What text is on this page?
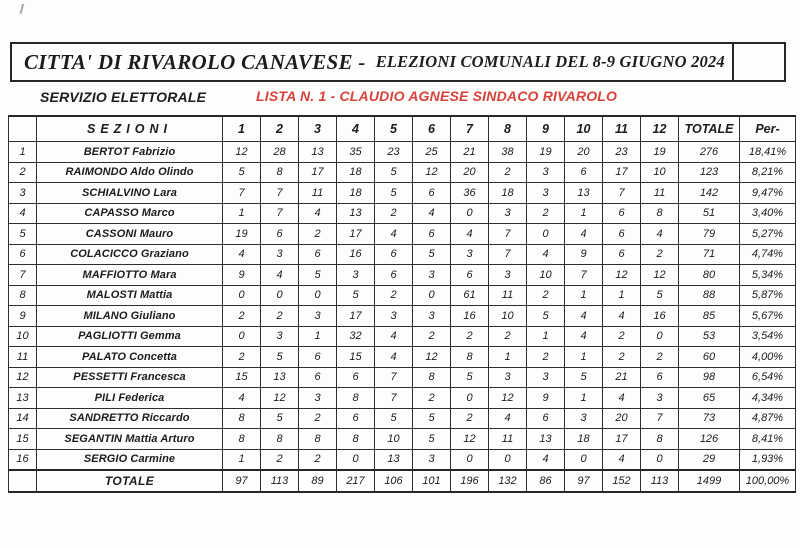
CITTA' DI RIVAROLO CANAVESE - ELEZIONI COMUNALI DEL 8-9 GIUGNO 2024
SERVIZIO ELETTORALE	LISTA N. 1 - CLAUDIO AGNESE SINDACO RIVAROLO
	SEZIONI	1	2	3	4	5	6	7	8	9	10	11	12	TOTALE	Per-
1	BERTOT Fabrizio	12	28	13	35	23	25	21	38	19	20	23	19	276	18,41%
2	RAIMONDO Aldo Olindo	5	8	17	18	5	12	20	2	3	6	17	10	123	8,21%
3	SCHIALVINO Lara	7	7	11	18	5	6	36	18	3	13	7	11	142	9,47%
4	CAPASSO Marco	1	7	4	13	2	4	0	3	2	1	6	8	51	3,40%
5	CASSONI Mauro	19	6	2	17	4	6	4	7	0	4	6	4	79	5,27%
6	COLACICCO Graziano	4	3	6	16	6	5	3	7	4	9	6	2	71	4,74%
7	MAFFIOTTO Mara	9	4	5	3	6	3	6	3	10	7	12	12	80	5,34%
8	MALOSTI Mattia	0	0	0	5	2	0	61	11	2	1	1	5	88	5,87%
9	MILANO Giuliano	2	2	3	17	3	3	16	10	5	4	4	16	85	5,67%
10	PAGLIOTTI Gemma	0	3	1	32	4	2	2	2	1	4	2	0	53	3,54%
11	PALATO Concetta	2	5	6	15	4	12	8	1	2	1	2	2	60	4,00%
12	PESSETTI Francesca	15	13	6	6	7	8	5	3	3	5	21	6	98	6,54%
13	PILI Federica	4	12	3	8	7	2	0	12	9	1	4	3	65	4,34%
14	SANDRETTO Riccardo	8	5	2	6	5	5	2	4	6	3	20	7	73	4,87%
15	SEGANTIN Mattia Arturo	8	8	8	8	10	5	12	11	13	18	17	8	126	8,41%
16	SERGIO Carmine	1	2	2	0	13	3	0	0	4	0	4	0	29	1,93%
	TOTALE	97	113	89	217	106	101	196	132	86	97	152	113	1499	100,00%
